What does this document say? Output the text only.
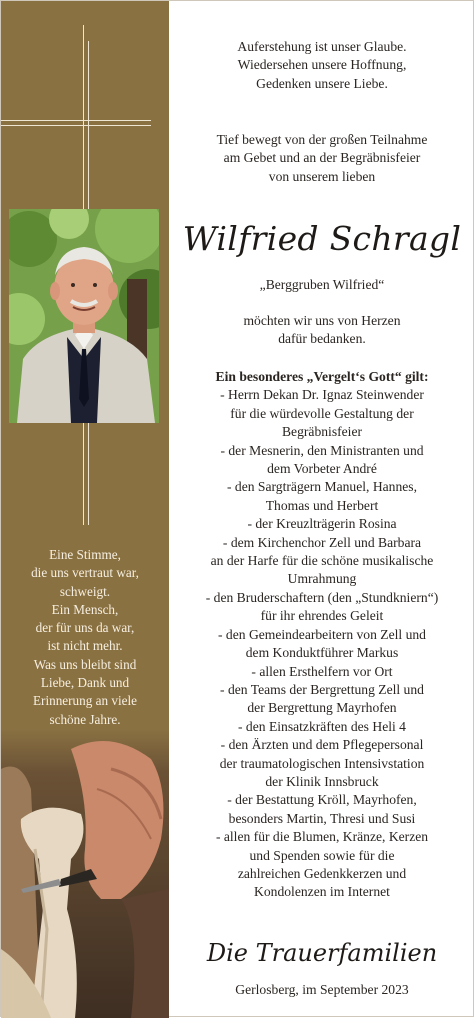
Eine Stimme,
die uns vertraut war,
schweigt.
Ein Mensch,
der für uns da war,
ist nicht mehr.
Was uns bleibt sind
Liebe, Dank und
Erinnerung an viele
schöne Jahre.
Auferstehung ist unser Glaube.
Wiedersehen unsere Hoffnung,
Gedenken unsere Liebe.
Tief bewegt von der großen Teilnahme
am Gebet und an der Begräbnisfeier
von unserem lieben
Wilfried Schragl
„Berggruben Wilfried“
möchten wir uns von Herzen
dafür bedanken.
Ein besonderes „Vergelt‘s Gott“ gilt:
- Herrn Dekan Dr. Ignaz Steinwender
für die würdevolle Gestaltung der
Begräbnisfeier
- der Mesnerin, den Ministranten und
dem Vorbeter André
- den Sargträgern Manuel, Hannes,
Thomas und Herbert
- der Kreuzlträgerin Rosina
- dem Kirchenchor Zell und Barbara
an der Harfe für die schöne musikalische
Umrahmung
- den Bruderschaftern (den „Stundkniern“)
für ihr ehrendes Geleit
- den Gemeindearbeitern von Zell und
dem Konduktführer Markus
- allen Ersthelfern vor Ort
- den Teams der Bergrettung Zell und
der Bergrettung Mayrhofen
- den Einsatzkräften des Heli 4
- den Ärzten und dem Pflegepersonal
der traumatologischen Intensivstation
der Klinik Innsbruck
- der Bestattung Kröll, Mayrhofen,
besonders Martin, Thresi und Susi
- allen für die Blumen, Kränze, Kerzen
und Spenden sowie für die
zahlreichen Gedenkkerzen und
Kondolenzen im Internet
Die Trauerfamilien
Gerlosberg, im September 2023
